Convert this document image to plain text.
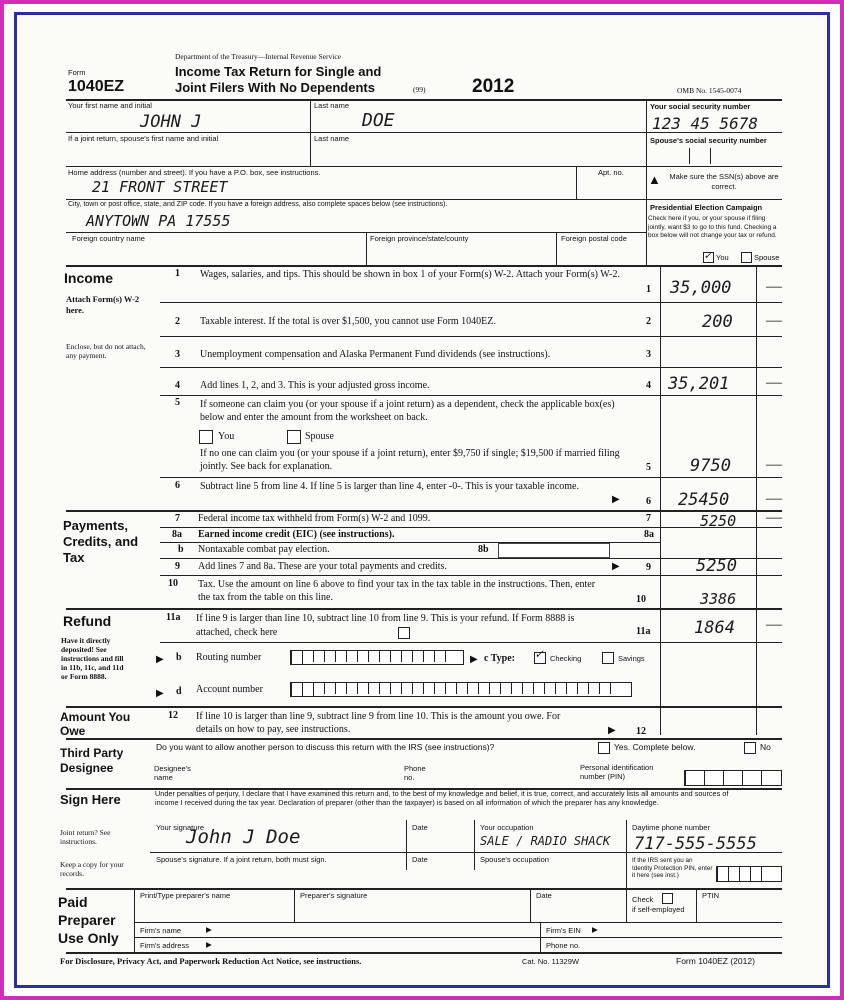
Form
1040EZ
Department of the Treasury—Internal Revenue Service
Income Tax Return for Single and
Joint Filers With No Dependents	(99) 2012	OMB No. 1545-0074
Your first name and initial
JOHN J
Last name
DOE
Your social security number
123 45 5678
If a joint return, spouse's first name and initial	Last name	Spouse's social security number
Home address (number and street). If you have a P.O. box, see instructions.	Apt. no.
21 FRONT STREET	▲ Make sure the SSN(s) above are correct.
City, town or post office, state, and ZIP code. If you have a foreign address, also complete spaces below (see instructions).
ANYTOWN PA 17555
Presidential Election Campaign
Check here if you, or your spouse if filing jointly, want $3 to go to this fund. Checking a box below will not change your tax or refund.
✓ You	Spouse
Foreign country name	Foreign province/state/county	Foreign postal code
Income
Attach Form(s) W-2 here.
Enclose, but do not attach, any payment.
1 Wages, salaries, and tips. This should be shown in box 1 of your Form(s) W-2. Attach your Form(s) W-2.
1 35,000 —
2 Taxable interest. If the total is over $1,500, you cannot use Form 1040EZ.	2	200 —
3 Unemployment compensation and Alaska Permanent Fund dividends (see instructions).	3
4 Add lines 1, 2, and 3. This is your adjusted gross income.	4 35,201 —
5 If someone can claim you (or your spouse if a joint return) as a dependent, check the applicable box(es) below and enter the amount from the worksheet on back.
You	Spouse
If no one can claim you (or your spouse if a joint return), enter $9,750 if single; $19,500 if married filing jointly. See back for explanation.	5 9750 —
6 Subtract line 5 from line 4. If line 5 is larger than line 4, enter -0-. This is your taxable income.
▶	6 25450 —
Payments, Credits, and Tax
7 Federal income tax withheld from Form(s) W-2 and 1099.	7	5250 —
8a Earned income credit (EIC) (see instructions).	8a
b Nontaxable combat pay election.	8b
9 Add lines 7 and 8a. These are your total payments and credits.	▶	9	5250
10 Tax. Use the amount on line 6 above to find your tax in the tax table in the instructions. Then, enter the tax from the table on this line.	10	3386
Refund
Have it directly deposited! See instructions and fill in 11b, 11c, and 11d or Form 8888.
11a If line 9 is larger than line 10, subtract line 10 from line 9. This is your refund. If Form 8888 is attached, check here	11a	1864 —
▶ b Routing number	▶ c Type: ✓ Checking	Savings
▶ d Account number
Amount You Owe
12 If line 10 is larger than line 9, subtract line 9 from line 10. This is the amount you owe. For details on how to pay, see instructions.	▶ 12
Third Party Designee
Do you want to allow another person to discuss this return with the IRS (see instructions)?	Yes. Complete below.	No
Designee's name
Phone no.
Personal identification number (PIN)
Sign Here
Joint return? See instructions.
Keep a copy for your records.
Under penalties of perjury, I declare that I have examined this return and, to the best of my knowledge and belief, it is true, correct, and accurately lists all amounts and sources of income I received during the tax year. Declaration of preparer (other than the taxpayer) is based on all information of which the preparer has any knowledge.
Your signature
John J Doe	Date	Your occupation
SALE / RADIO SHACK
Daytime phone number
717-555-5555
Spouse's signature. If a joint return, both must sign.	Date	Spouse's occupation	If the IRS sent you an Identity Protection PIN, enter it here (see inst.)
Paid Preparer Use Only
Print/Type preparer's name	Preparer's signature	Date	Check
if self-employed
PTIN
Firm's name	▶	Firm's EIN ▶
Firm's address ▶	Phone no.
For Disclosure, Privacy Act, and Paperwork Reduction Act Notice, see instructions.	Cat. No. 11329W	Form 1040EZ (2012)
